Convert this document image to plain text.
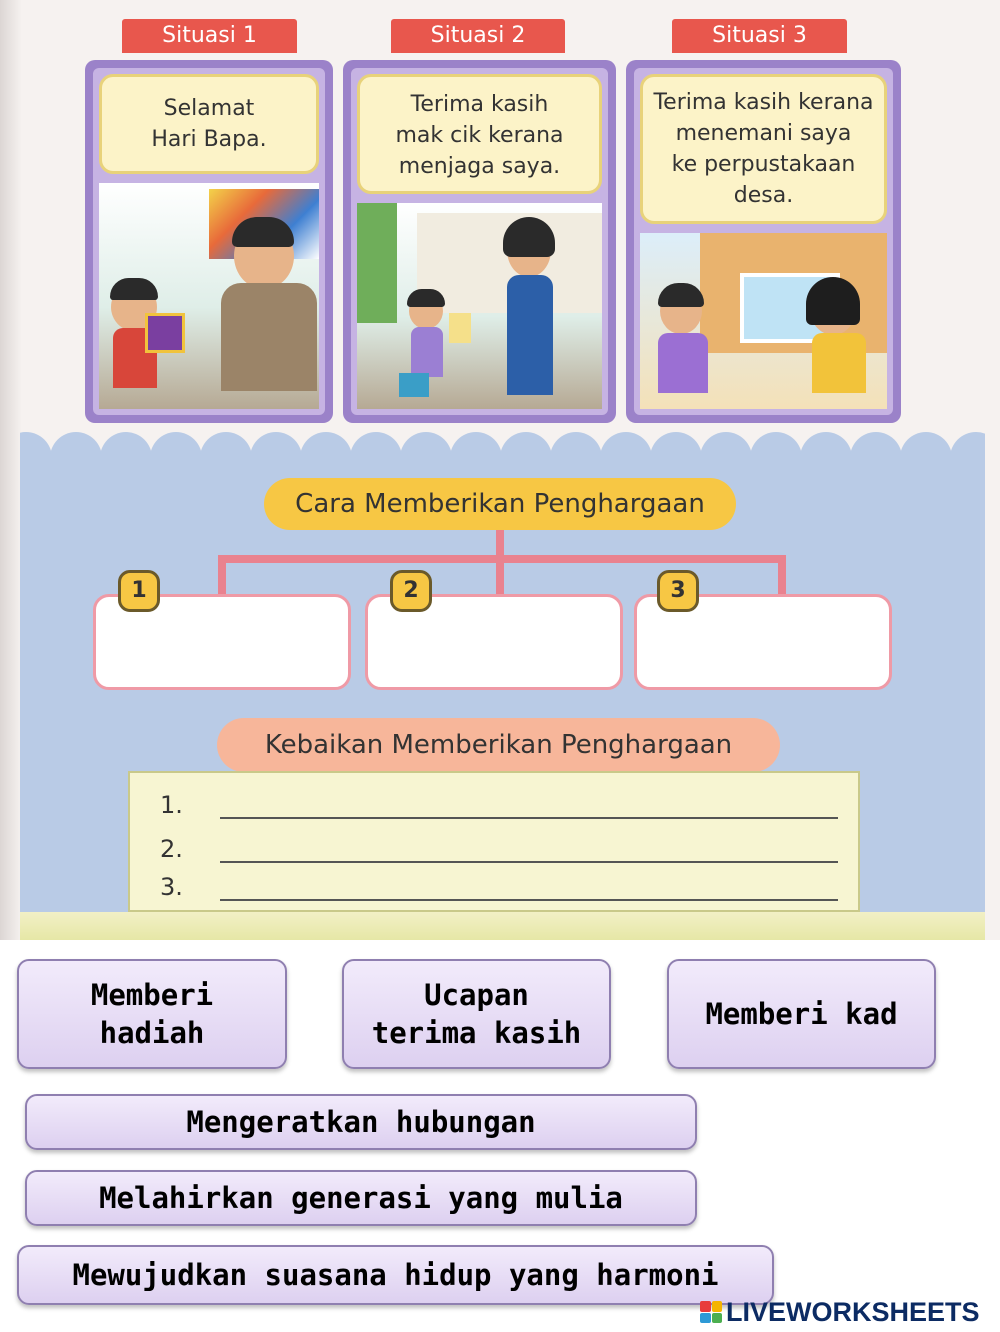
Situasi 1	Situasi 2	Situasi 3
Selamat
Hari Bapa.
Terima kasih
mak cik kerana
menjaga saya.
Terima kasih kerana
menemani saya
ke perpustakaan
desa.
Cara Memberikan Penghargaan
1	2	3
Kebaikan Memberikan Penghargaan
1.
2.
3.
Memberi
hadiah
Ucapan
terima kasih
Memberi kad
Mengeratkan hubungan
Melahirkan generasi yang mulia
Mewujudkan suasana hidup yang harmoni
LIVEWORKSHEETS
